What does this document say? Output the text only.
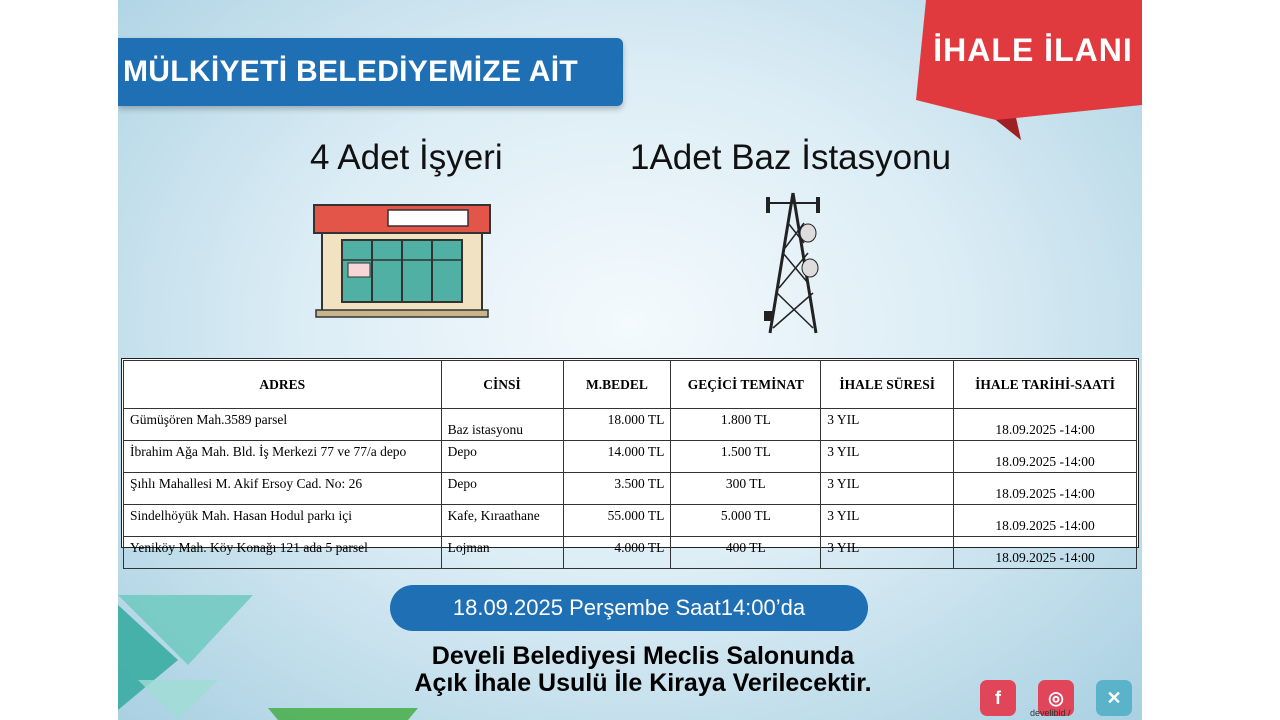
MÜLKİYETİ BELEDİYEMİZE AİT
İHALE İLANI
4 Adet İşyeri	1Adet Baz İstasyonu
ADRES	CİNSİ	M.BEDEL	GEÇİCİ TEMİNAT	İHALE SÜRESİ	İHALE TARİHİ-SAATİ
Gümüşören Mah.3589 parsel	Baz istasyonu	18.000 TL	1.800 TL	3 YIL	18.09.2025 -14:00
İbrahim Ağa Mah. Bld. İş Merkezi 77 ve 77/a depo	Depo	14.000 TL	1.500 TL	3 YIL	18.09.2025 -14:00
Şıhlı Mahallesi M. Akif Ersoy Cad. No: 26	Depo	3.500 TL	300 TL	3 YIL	18.09.2025 -14:00
Sindelhöyük Mah. Hasan Hodul parkı içi	Kafe, Kıraathane	55.000 TL	5.000 TL	3 YIL	18.09.2025 -14:00
Yeniköy Mah. Köy Konağı 121 ada 5 parsel	Lojman	4.000 TL	400 TL	3 YIL	18.09.2025 -14:00
18.09.2025 Perşembe Saat14:00’da
Develi Belediyesi Meclis Salonunda
Açık İhale Usulü İle Kiraya Verilecektir.
f	◎	✕
develibld /
